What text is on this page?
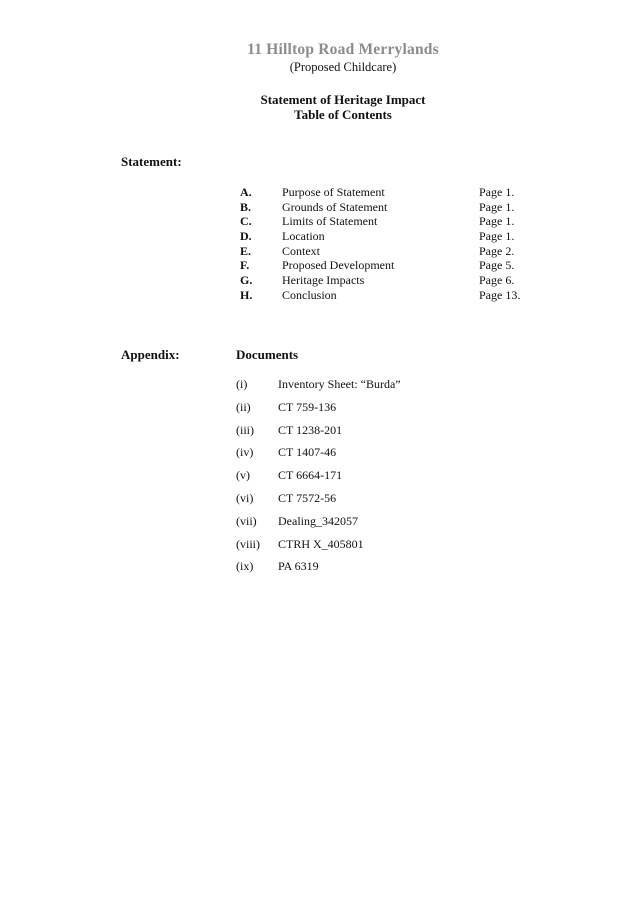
11 Hilltop Road Merrylands
(Proposed Childcare)
Statement of Heritage Impact
Table of Contents
Statement:
A.	Purpose of Statement	Page 1.
B.	Grounds of Statement	Page 1.
C.	Limits of Statement	Page 1.
D.	Location	Page 1.
E.	Context	Page 2.
F.	Proposed Development	Page 5.
G. Heritage Impacts	Page 6.
H. Conclusion	Page 13.
Appendix:	Documents
(i)	Inventory Sheet: “Burda”
(ii) CT 759-136
(iii) CT 1238-201
(iv) CT 1407-46
(v) CT 6664-171
(vi) CT 7572-56
(vii) Dealing_342057
(viii) CTRH X_405801
(ix) PA 6319
